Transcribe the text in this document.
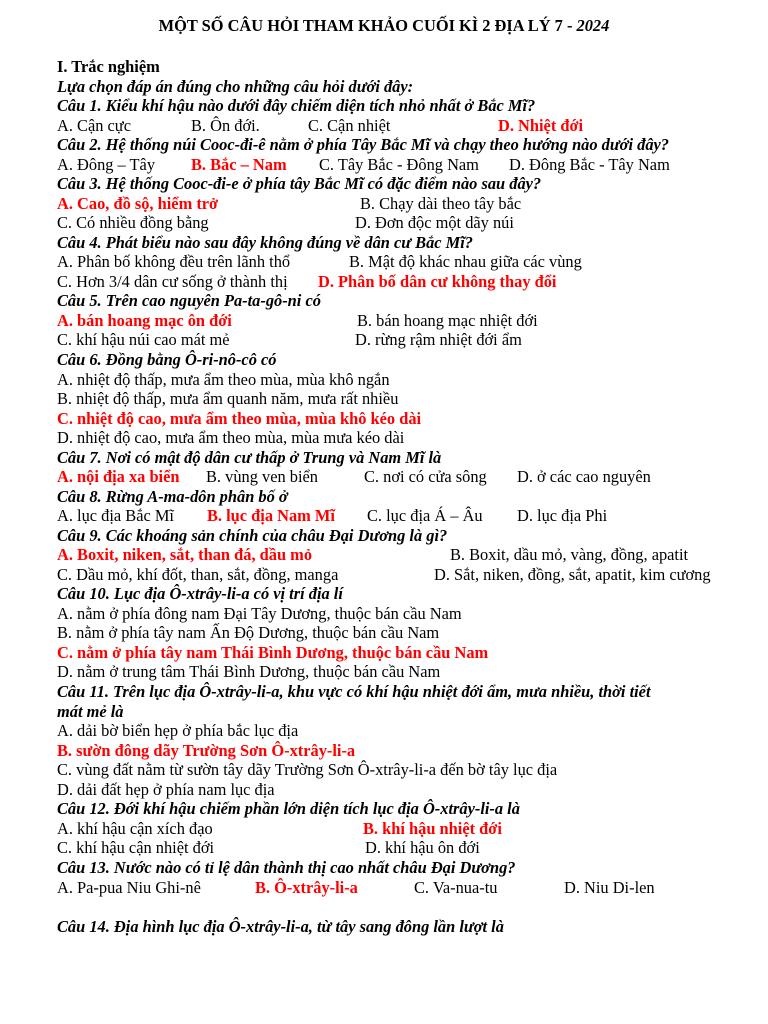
MỘT SỐ CÂU HỎI THAM KHẢO CUỐI KÌ 2 ĐỊA LÝ 7 - 2024
I. Trắc nghiệm
Lựa chọn đáp án đúng cho những câu hỏi dưới đây:
Câu 1. Kiểu khí hậu nào dưới đây chiếm diện tích nhỏ nhất ở Bắc Mĩ?
A. Cận cực	B. Ôn đới.	C. Cận nhiệt	D. Nhiệt đới
Câu 2. Hệ thống núi Cooc-đi-ê nằm ở phía Tây Bắc Mĩ và chạy theo hướng nào dưới đây?
A. Đông – Tây B. Bắc – Nam C. Tây Bắc - Đông Nam D. Đông Bắc - Tây Nam
Câu 3. Hệ thống Cooc-đi-e ở phía tây Bắc Mĩ có đặc điểm nào sau đây?
A. Cao, đồ sộ, hiểm trở	B. Chạy dài theo tây bắc
C. Có nhiều đồng bằng	D. Đơn độc một dãy núi
Câu 4. Phát biểu nào sau đây không đúng về dân cư Bắc Mĩ?
A. Phân bố không đều trên lãnh thổ	B. Mật độ khác nhau giữa các vùng
C. Hơn 3/4 dân cư sống ở thành thị D. Phân bố dân cư không thay đổi
Câu 5. Trên cao nguyên Pa-ta-gô-ni có
A. bán hoang mạc ôn đới	B. bán hoang mạc nhiệt đới
C. khí hậu núi cao mát mẻ	D. rừng rậm nhiệt đới ẩm
Câu 6. Đồng bằng Ô-ri-nô-cô có
A. nhiệt độ thấp, mưa ẩm theo mùa, mùa khô ngắn
B. nhiệt độ thấp, mưa ẩm quanh năm, mưa rất nhiều
C. nhiệt độ cao, mưa ẩm theo mùa, mùa khô kéo dài
D. nhiệt độ cao, mưa ẩm theo mùa, mùa mưa kéo dài
Câu 7. Nơi có mật độ dân cư thấp ở Trung và Nam Mĩ là
A. nội địa xa biển B. vùng ven biển	C. nơi có cửa sông D. ở các cao nguyên
Câu 8. Rừng A-ma-dôn phân bố ở
A. lục địa Bắc Mĩ B. lục địa Nam Mĩ C. lục địa Á – Âu D. lục địa Phi
Câu 9. Các khoáng sản chính của châu Đại Dương là gì?
A. Boxit, niken, sắt, than đá, dầu mỏ	B. Boxit, dầu mỏ, vàng, đồng, apatit
C. Dầu mỏ, khí đốt, than, sắt, đồng, manga	D. Sắt, niken, đồng, sắt, apatit, kim cương
Câu 10. Lục địa Ô-xtrây-li-a có vị trí địa lí
A. nằm ở phía đông nam Đại Tây Dương, thuộc bán cầu Nam
B. nằm ở phía tây nam Ấn Độ Dương, thuộc bán cầu Nam
C. nằm ở phía tây nam Thái Bình Dương, thuộc bán cầu Nam
D. nằm ở trung tâm Thái Bình Dương, thuộc bán cầu Nam
Câu 11. Trên lục địa Ô-xtrây-li-a, khu vực có khí hậu nhiệt đới ẩm, mưa nhiều, thời tiết
mát mẻ là
A. dải bờ biển hẹp ở phía bắc lục địa
B. sườn đông dãy Trường Sơn Ô-xtrây-li-a
C. vùng đất nằm từ sườn tây dãy Trường Sơn Ô-xtrây-li-a đến bờ tây lục địa
D. dải đất hẹp ở phía nam lục địa
Câu 12. Đới khí hậu chiếm phần lớn diện tích lục địa Ô-xtrây-li-a là
A. khí hậu cận xích đạo	B. khí hậu nhiệt đới
C. khí hậu cận nhiệt đới	D. khí hậu ôn đới
Câu 13. Nước nào có tỉ lệ dân thành thị cao nhất châu Đại Dương?
A. Pa-pua Niu Ghi-nê	B. Ô-xtrây-li-a	C. Va-nua-tu	D. Niu Di-len
Câu 14. Địa hình lục địa Ô-xtrây-li-a, từ tây sang đông lần lượt là
